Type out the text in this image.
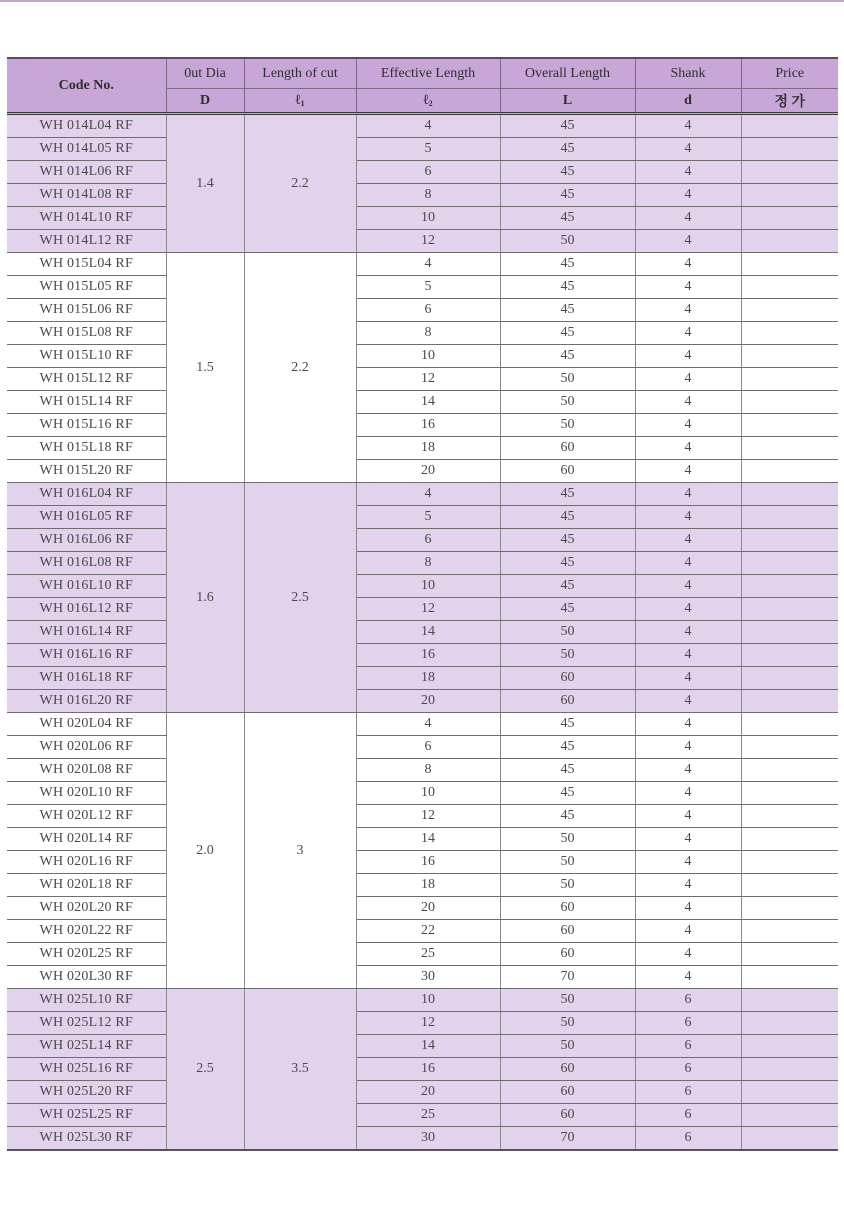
Code No.	0ut Dia	Length of cut	Effective Length	Overall Length	Shank	Price
	D	ℓ$_1$	ℓ$_2$	L	d	정 가
WH 014L04 RF	1.4	2.2	4	45	4	
WH 014L05 RF			5	45	4	
WH 014L06 RF			6	45	4	
WH 014L08 RF			8	45	4	
WH 014L10 RF			10	45	4	
WH 014L12 RF			12	50	4	
WH 015L04 RF	1.5	2.2	4	45	4	
WH 015L05 RF			5	45	4	
WH 015L06 RF			6	45	4	
WH 015L08 RF			8	45	4	
WH 015L10 RF			10	45	4	
WH 015L12 RF			12	50	4	
WH 015L14 RF			14	50	4	
WH 015L16 RF			16	50	4	
WH 015L18 RF			18	60	4	
WH 015L20 RF			20	60	4	
WH 016L04 RF	1.6	2.5	4	45	4	
WH 016L05 RF			5	45	4	
WH 016L06 RF			6	45	4	
WH 016L08 RF			8	45	4	
WH 016L10 RF			10	45	4	
WH 016L12 RF			12	45	4	
WH 016L14 RF			14	50	4	
WH 016L16 RF			16	50	4	
WH 016L18 RF			18	60	4	
WH 016L20 RF			20	60	4	
WH 020L04 RF	2.0	3	4	45	4	
WH 020L06 RF			6	45	4	
WH 020L08 RF			8	45	4	
WH 020L10 RF			10	45	4	
WH 020L12 RF			12	45	4	
WH 020L14 RF			14	50	4	
WH 020L16 RF			16	50	4	
WH 020L18 RF			18	50	4	
WH 020L20 RF			20	60	4	
WH 020L22 RF			22	60	4	
WH 020L25 RF			25	60	4	
WH 020L30 RF			30	70	4	
WH 025L10 RF	2.5	3.5	10	50	6	
WH 025L12 RF			12	50	6	
WH 025L14 RF			14	50	6	
WH 025L16 RF			16	60	6	
WH 025L20 RF			20	60	6	
WH 025L25 RF			25	60	6	
WH 025L30 RF			30	70	6	
